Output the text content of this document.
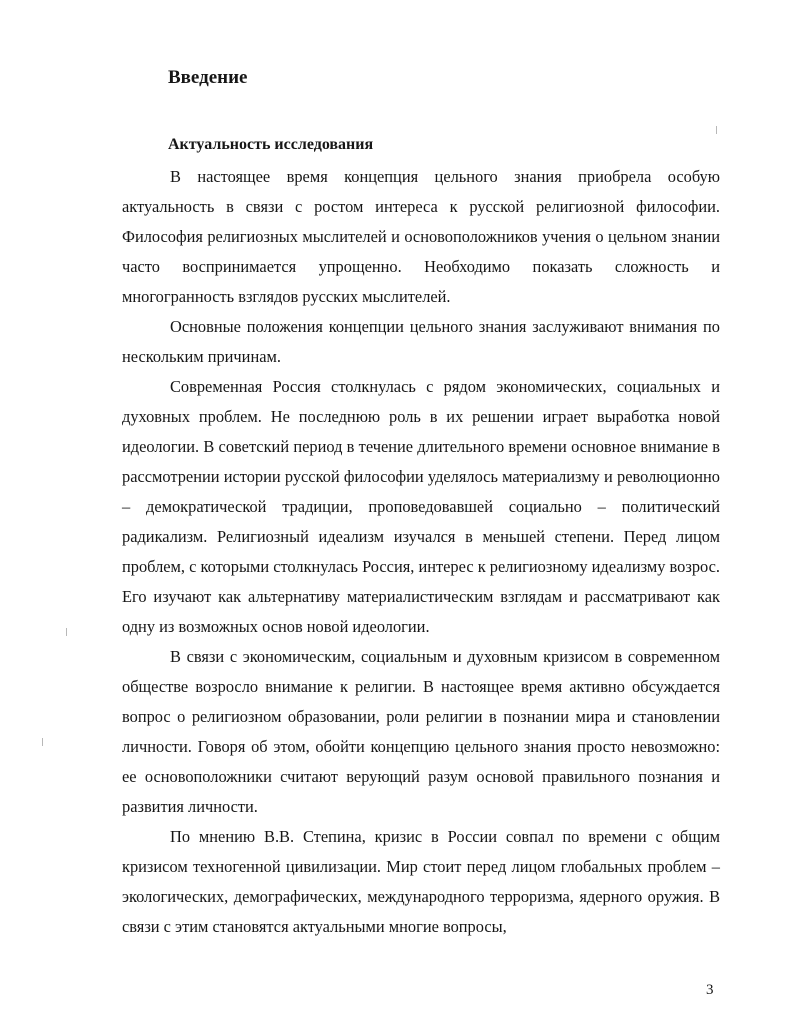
Введение
Актуальность исследования

В настоящее время концепция цельного знания приобрела особую актуальность в связи с ростом интереса к русской религиозной философии. Философия религиозных мыслителей и основоположников учения о цельном знании часто воспринимается упрощенно. Необходимо показать сложность и многогранность взглядов русских мыслителей.

Основные положения концепции цельного знания заслуживают внимания по нескольким причинам.

Современная Россия столкнулась с рядом экономических, социальных и духовных проблем. Не последнюю роль в их решении играет выработка новой идеологии. В советский период в течение длительного времени основное внимание в рассмотрении истории русской философии уделялось материализму и революционно – демократической традиции, проповедовавшей социально – политический радикализм. Религиозный идеализм изучался в меньшей степени. Перед лицом проблем, с которыми столкнулась Россия, интерес к религиозному идеализму возрос. Его изучают как альтернативу материалистическим взглядам и рассматривают как одну из возможных основ новой идеологии.

В связи с экономическим, социальным и духовным кризисом в современном обществе возросло внимание к религии. В настоящее время активно обсуждается вопрос о религиозном образовании, роли религии в познании мира и становлении личности. Говоря об этом, обойти концепцию цельного знания просто невозможно: ее основоположники считают верующий разум основой правильного познания и развития личности.

По мнению В.В. Степина, кризис в России совпал по времени с общим кризисом техногенной цивилизации. Мир стоит перед лицом глобальных проблем – экологических, демографических, международного терроризма, ядерного оружия. В связи с этим становятся актуальными многие вопросы,

3
